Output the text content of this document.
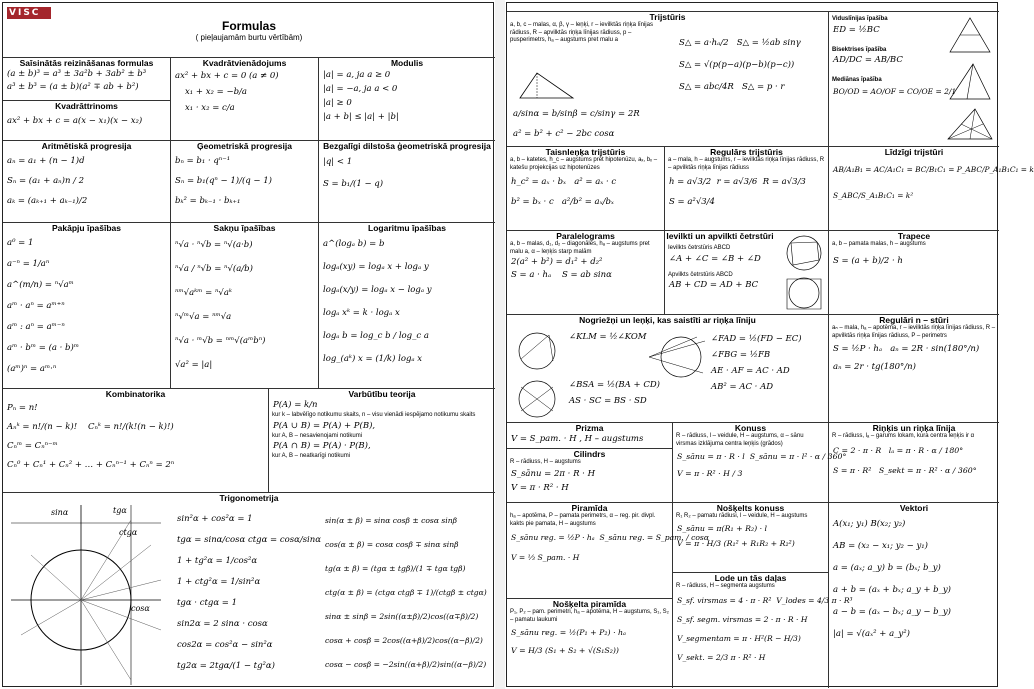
VISC
Formulas
( pieļaujamām burtu vērtībām)
Saīsinātās reizināšanas formulas
(a ± b)³ = a³ ± 3a²b + 3ab² ± b³
a³ ± b³ = (a ± b)(a² ∓ ab + b²)
Kvadrāttrinoms
ax² + bx + c = a(x − x₁)(x − x₂)
Kvadrātvienādojums
ax² + bx + c = 0 (a ≠ 0)
x₁ + x₂ = −b/a
x₁ · x₂ = c/a
Modulis
|a| = a, ja a ≥ 0
|a| = −a, ja a < 0
|a| ≥ 0
|a + b| ≤ |a| + |b|
Aritmētiskā progresija
aₙ = a₁ + (n − 1)d
Sₙ = (a₁ + aₙ)n / 2
aₖ = (aₖ₊₁ + aₖ₋₁)/2
Ģeometriskā progresija
bₙ = b₁ · qⁿ⁻¹
Sₙ = b₁(qⁿ − 1)/(q − 1)
bₖ² = bₖ₋₁ · bₖ₊₁
Bezgalīgi dilstoša ģeometriskā progresija
|q| < 1
S = b₁/(1 − q)
Pakāpju īpašības
a⁰ = 1
a⁻ⁿ = 1/aⁿ
a^(m/n) = ⁿ√aᵐ
aᵐ · aⁿ = aᵐ⁺ⁿ
aᵐ : aⁿ = aᵐ⁻ⁿ
aᵐ · bᵐ = (a · b)ᵐ
(aᵐ)ⁿ = aᵐ·ⁿ
Sakņu īpašības
ⁿ√a · ⁿ√b = ⁿ√(a·b)
ⁿ√a / ⁿ√b = ⁿ√(a/b)
ⁿᵐ√aᵏᵐ = ⁿ√aᵏ
ⁿ√ᵐ√a = ⁿᵐ√a
ⁿ√a · ᵐ√b = ⁿᵐ√(aᵐbⁿ)
√a² = |a|
Logaritmu īpašības
a^(logₐ b) = b
logₐ(xy) = logₐ x + logₐ y
logₐ(x/y) = logₐ x − logₐ y
logₐ xᵏ = k · logₐ x
logₐ b = log_c b / log_c a
log_(aᵏ) x = (1/k) logₐ x
Kombinatorika
Pₙ = n!
Aₙᵏ = n!/(n − k)! Cₙᵏ = n!/(k!(n − k)!)
Cₙᵐ = Cₙⁿ⁻ᵐ
Cₙ⁰ + Cₙ¹ + Cₙ² + … + Cₙⁿ⁻¹ + Cₙⁿ = 2ⁿ
Varbūtību teorija
P(A) = k/n
kur k – labvēlīgo notikumu skaits, n – visu vienādi iespējamo notikumu skaits
P(A ∪ B) = P(A) + P(B),
kur A, B – nesavienojami notikumi
P(A ∩ B) = P(A) · P(B),
kur A, B – neatkarīgi notikumi
Trigonometrija
sinα	tgα
ctgα
cosα
sin²α + cos²α = 1
tgα = sinα/cosα ctgα = cosα/sinα
1 + tg²α = 1/cos²α
1 + ctg²α = 1/sin²α
tgα · ctgα = 1
sin2α = 2 sinα · cosα
cos2α = cos²α − sin²α
tg2α = 2tgα/(1 − tg²α)
sin(α ± β) = sinα cosβ ± cosα sinβ
cos(α ± β) = cosα cosβ ∓ sinα sinβ
tg(α ± β) = (tgα ± tgβ)/(1 ∓ tgα tgβ)
ctg(α ± β) = (ctgα ctgβ ∓ 1)/(ctgβ ± ctgα)
sinα ± sinβ = 2sin((α±β)/2)cos((α∓β)/2)
cosα + cosβ = 2cos((α+β)/2)cos((α−β)/2)
cosα − cosβ = −2sin((α+β)/2)sin((α−β)/2)
Trijstūris
a, b, c – malas, α, β, γ – leņķi, r – ievilktās riņķa līnijas rādiuss, R – apvilktās riņķa līnijas rādiuss, p – pusperimetrs, hₐ – augstums pret malu a
a/sinα = b/sinβ = c/sinγ = 2R
a² = b² + c² − 2bc cosα
S△ = a·hₐ/2 S△ = ½ab sinγ
S△ = √(p(p−a)(p−b)(p−c))
S△ = abc/4R S△ = p · r
Viduslīnijas īpašība
ED = ½BC
Bisektrises īpašība
AD/DC = AB/BC
Mediānas īpašība
BO/OD = AO/OF = CO/OE = 2/1
Taisnleņķa trijstūris
a, b – katetes, h_c – augstums pret hipotenūzu, aₓ, bₓ – katešu projekcijas uz hipotenūzes
h_c² = aₓ · bₓ a² = aₓ · c
b² = bₓ · c a²/b² = aₓ/bₓ
Regulārs trijstūris
a – mala, h – augstums, r – ievilktās riņķa līnijas rādiuss, R – apvilktās riņķa līnijas rādiuss
h = a√3/2 r = a√3/6 R = a√3/3
S = a²√3/4
Līdzīgi trijstūri
AB/A₁B₁ = AC/A₁C₁ = BC/B₁C₁ = P_ABC/P_A₁B₁C₁ = k
S_ABC/S_A₁B₁C₁ = k²
Paralelograms
a, b – malas, d₁, d₂ – diagonāles, hₐ – augstums pret malu a, α – leņķis starp malām
2(a² + b²) = d₁² + d₂²
S = a · hₐ S = ab sinα
Ievilkti un apvilkti četrstūri
Ievilkts četrstūris ABCD
∠A + ∠C = ∠B + ∠D
Apvilkts četrstūris ABCD
AB + CD = AD + BC
Trapece
a, b – pamata malas, h – augstums
S = (a + b)/2 · h
Nogriežņi un leņķi, kas saistīti ar riņķa līniju
∠KLM = ½∠KOM
∠BSA = ½(BA + CD)
AS · SC = BS · SD
∠FAD = ½(FD − EC)
∠FBG = ½FB
AE · AF = AC · AD
AB² = AC · AD
Regulāri n – stūri
aₙ – mala, hₐ – apotēma, r – ievilktās riņķa līnijas rādiuss, R – apvilktās riņķa līnijas rādiuss, P – perimetrs
S = ½P · hₐ aₙ = 2R · sin(180°/n)
aₙ = 2r · tg(180°/n)
Prizma
V = S_pam. · H , H – augstums
Cilindrs
R – rādiuss, H – augstums
S_sānu = 2π · R · H
V = π · R² · H
Konuss
R – rādiuss, l – veidule, H – augstums, α – sānu virsmas izklājuma centra leņķis (grādos)
S_sānu = π · R · l S_sānu = π · l² · α / 360°
V = π · R² · H / 3
Riņķis un riņķa līnija
R – rādiuss, lₐ – garums lokam, kura centra leņķis ir α
C = 2 · π · R lₐ = π · R · α / 180°
S = π · R² S_sekt = π · R² · α / 360°
Piramīda
hₐ – apotēma, P – pamata perimetrs, α – reg. pir. divpl. kakts pie pamata, H – augstums
S_sānu reg. = ½P · hₐ S_sānu reg. = S_pam. / cosα
V = ⅓ S_pam. · H
Nošķelts konuss
R₁ R₂ – pamatu rādiusi, l – veidule, H – augstums
S_sānu = π(R₁ + R₂) · l
V = π · H/3 (R₁² + R₁R₂ + R₂²)
Vektori
A(x₁; y₁) B(x₂; y₂)
AB = (x₂ − x₁; y₂ − y₁)
a = (aₓ; a_y) b = (bₓ; b_y)
a + b = (aₓ + bₓ; a_y + b_y)
a − b = (aₓ − bₓ; a_y − b_y)
|a| = √(aₓ² + a_y²)
Nošķelta piramīda
P₁, P₂ – pam. perimetri, hₐ – apotēma, H – augstums, S₁, S₂ – pamatu laukumi
S_sānu reg. = ½(P₁ + P₂) · hₐ
V = H/3 (S₁ + S₂ + √(S₁S₂))
Lode un tās daļas
R – rādiuss, H – segmenta augstums
S_sf. virsmas = 4 · π · R² V_lodes = 4/3 π · R³
S_sf. segm. virsmas = 2 · π · R · H
V_segmentam = π · H²(R − H/3)
V_sekt. = 2/3 π · R² · H
